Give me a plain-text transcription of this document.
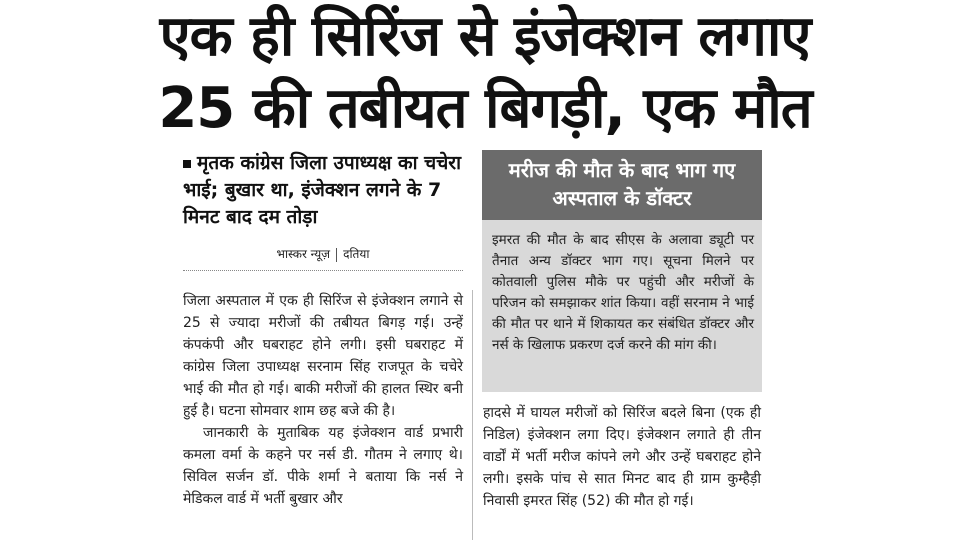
एक ही सिरिंज से इंजेक्शन लगाए
25 की तबीयत बिगड़ी, एक मौत
मृतक कांग्रेस जिला उपाध्यक्ष का चचेरा भाई; बुखार था, इंजेक्शन लगने के 7 मिनट बाद दम तोड़ा
भास्कर न्यूज़ दतिया

जिला अस्पताल में एक ही सिरिंज से इंजेक्शन लगाने से 25 से ज्यादा मरीजों की तबीयत बिगड़ गई। उन्हें कंपकंपी और घबराहट होने लगी। इसी घबराहट में कांग्रेस जिला उपाध्यक्ष सरनाम सिंह राजपूत के चचेरे भाई की मौत हो गई। बाकी मरीजों की हालत स्थिर बनी हुई है। घटना सोमवार शाम छह बजे की है।

जानकारी के मुताबिक यह इंजेक्शन वार्ड प्रभारी कमला वर्मा के कहने पर नर्स डी. गौतम ने लगाए थे। सिविल सर्जन डॉ. पीके शर्मा ने बताया कि नर्स ने मेडिकल वार्ड में भर्ती बुखार और

मरीज की मौत के बाद भाग गए अस्पताल के डॉक्टर
इमरत की मौत के बाद सीएस के अलावा ड्यूटी पर तैनात अन्य डॉक्टर भाग गए। सूचना मिलने पर कोतवाली पुलिस मौके पर पहुंची और मरीजों के परिजन को समझाकर शांत किया। वहीं सरनाम ने भाई की मौत पर थाने में शिकायत कर संबंधित डॉक्टर और नर्स के खिलाफ प्रकरण दर्ज करने की मांग की।

हादसे में घायल मरीजों को सिरिंज बदले बिना (एक ही निडिल) इंजेक्शन लगा दिए। इंजेक्शन लगाते ही तीन वार्डों में भर्ती मरीज कांपने लगे और उन्हें घबराहट होने लगी। इसके पांच से सात मिनट बाद ही ग्राम कुम्हैड़ी निवासी इमरत सिंह (52) की मौत हो गई।
